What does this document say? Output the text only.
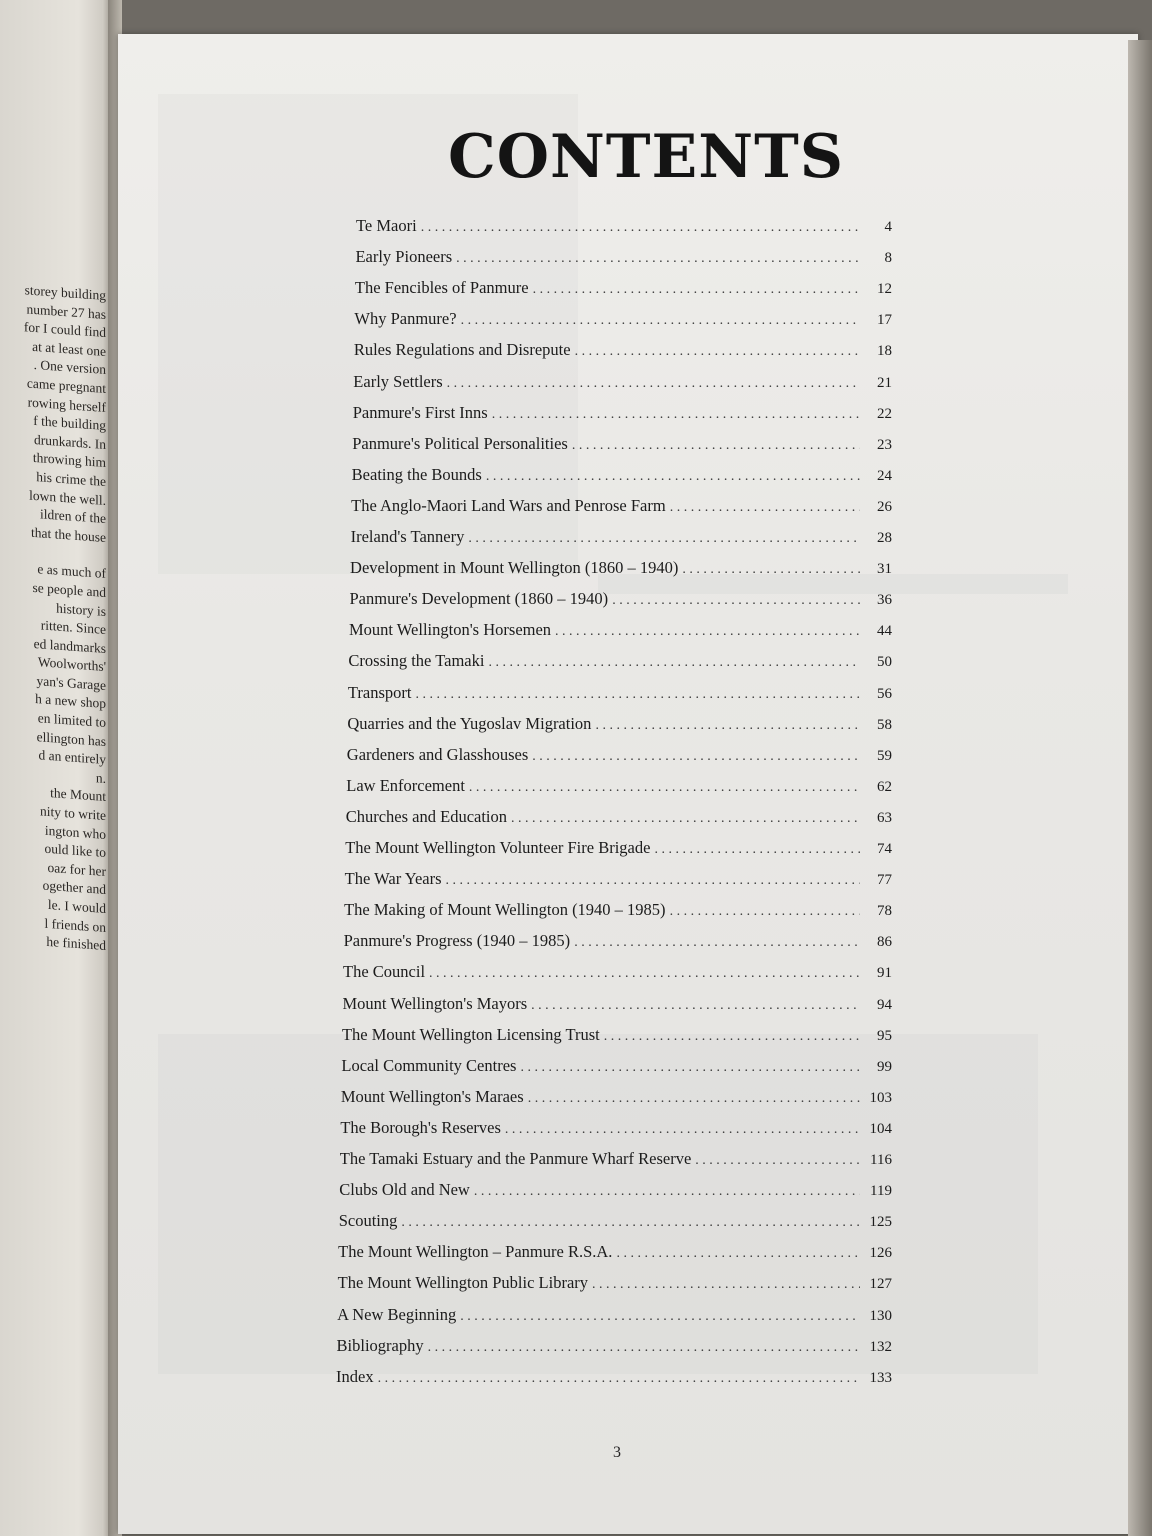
storey building
number 27 has
for I could find
at at least one
. One version
came pregnant
rowing herself
f the building
drunkards. In
throwing him
his crime the
lown the well.
ildren of the
that the house
e as much of
se people and
history is
ritten. Since
ed landmarks
Woolworths'
yan's Garage
h a new shop
en limited to
ellington has
d an entirely
n.
the Mount
nity to write
ington who
ould like to
oaz for her
ogether and
le. I would
l friends on
he finished
CONTENTS
Te Maori . . .	4
Early Pioneers . . .	8
The Fencibles of Panmure . . .	12
Why Panmure? . . .	17
Rules Regulations and Disrepute . . .	18
Early Settlers . . .	21
Panmure's First Inns . . .	22
Panmure's Political Personalities . . .	23
Beating the Bounds . . .	24
The Anglo-Maori Land Wars and Penrose Farm . . .	26
Ireland's Tannery . . .	28
Development in Mount Wellington (1860 – 1940) . . .	31
Panmure's Development (1860 – 1940) . . .	36
Mount Wellington's Horsemen . . .	44
Crossing the Tamaki . . .	50
Transport . . .	56
Quarries and the Yugoslav Migration . . .	58
Gardeners and Glasshouses . . .	59
Law Enforcement . . .	62
Churches and Education . . .	63
The Mount Wellington Volunteer Fire Brigade . . .	74
The War Years . . .	77
The Making of Mount Wellington (1940 – 1985) . . .	78
Panmure's Progress (1940 – 1985) . . .	86
The Council . . .	91
Mount Wellington's Mayors . . .	94
The Mount Wellington Licensing Trust . . .	95
Local Community Centres . . .	99
Mount Wellington's Maraes . . .	103
The Borough's Reserves . . .	104
The Tamaki Estuary and the Panmure Wharf Reserve . . .	116
Clubs Old and New . . .	119
Scouting . . .	125
The Mount Wellington – Panmure R.S.A. . . .	126
The Mount Wellington Public Library . . .	127
A New Beginning . . .	130
Bibliography . . .	132
Index . . .	133
3
